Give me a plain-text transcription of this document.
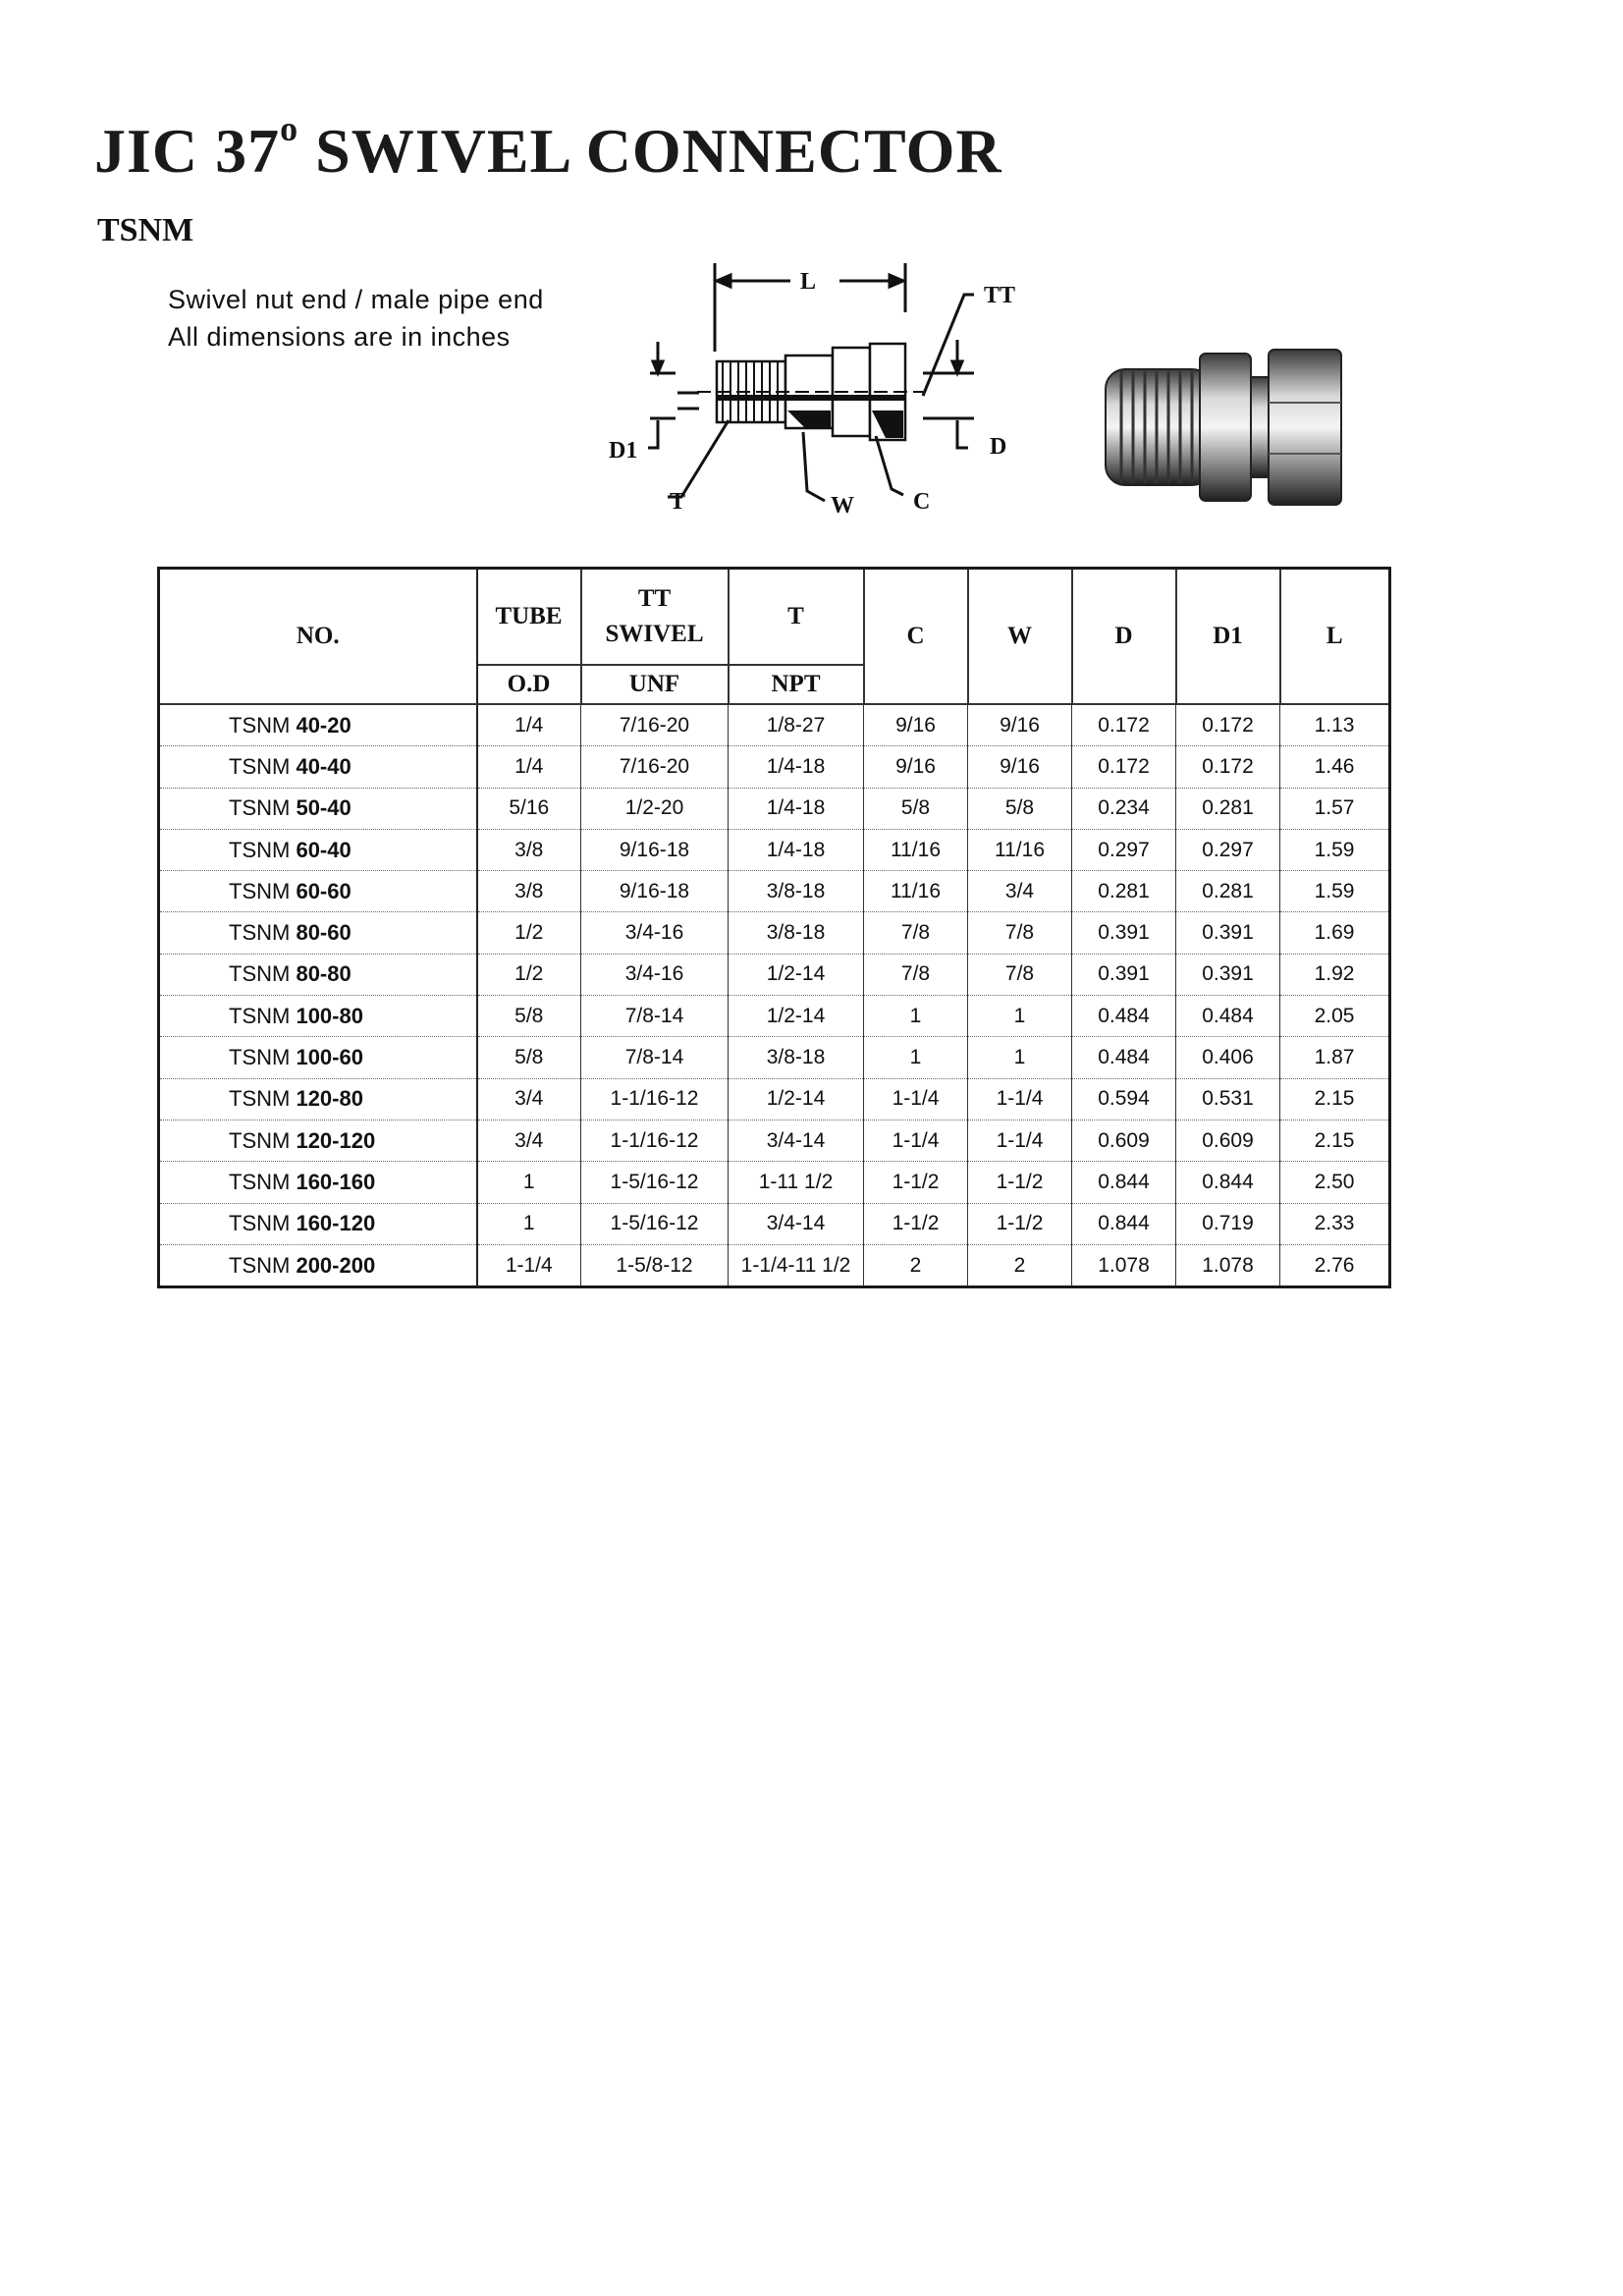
JIC 37$^o$ SWIVEL CONNECTOR
TSNM
Swivel nut end / male pipe end
All dimensions are in inches
L
TT
D1	D
T	W	C
NO.	TUBE	TT
SWIVEL	T	C	W	D	D1	L
	O.D	UNF	NPT					
TSNM 40-20	1/4	7/16-20	1/8-27	9/16	9/16	0.172	0.172	1.13
TSNM 40-40	1/4	7/16-20	1/4-18	9/16	9/16	0.172	0.172	1.46
TSNM 50-40	5/16	1/2-20	1/4-18	5/8	5/8	0.234	0.281	1.57
TSNM 60-40	3/8	9/16-18	1/4-18	11/16	11/16	0.297	0.297	1.59
TSNM 60-60	3/8	9/16-18	3/8-18	11/16	3/4	0.281	0.281	1.59
TSNM 80-60	1/2	3/4-16	3/8-18	7/8	7/8	0.391	0.391	1.69
TSNM 80-80	1/2	3/4-16	1/2-14	7/8	7/8	0.391	0.391	1.92
TSNM 100-80	5/8	7/8-14	1/2-14	1	1	0.484	0.484	2.05
TSNM 100-60	5/8	7/8-14	3/8-18	1	1	0.484	0.406	1.87
TSNM 120-80	3/4	1-1/16-12	1/2-14	1-1/4	1-1/4	0.594	0.531	2.15
TSNM 120-120	3/4	1-1/16-12	3/4-14	1-1/4	1-1/4	0.609	0.609	2.15
TSNM 160-160	1	1-5/16-12	1-11 1/2	1-1/2	1-1/2	0.844	0.844	2.50
TSNM 160-120	1	1-5/16-12	3/4-14	1-1/2	1-1/2	0.844	0.719	2.33
TSNM 200-200	1-1/4	1-5/8-12	1-1/4-11 1/2	2	2	1.078	1.078	2.76
